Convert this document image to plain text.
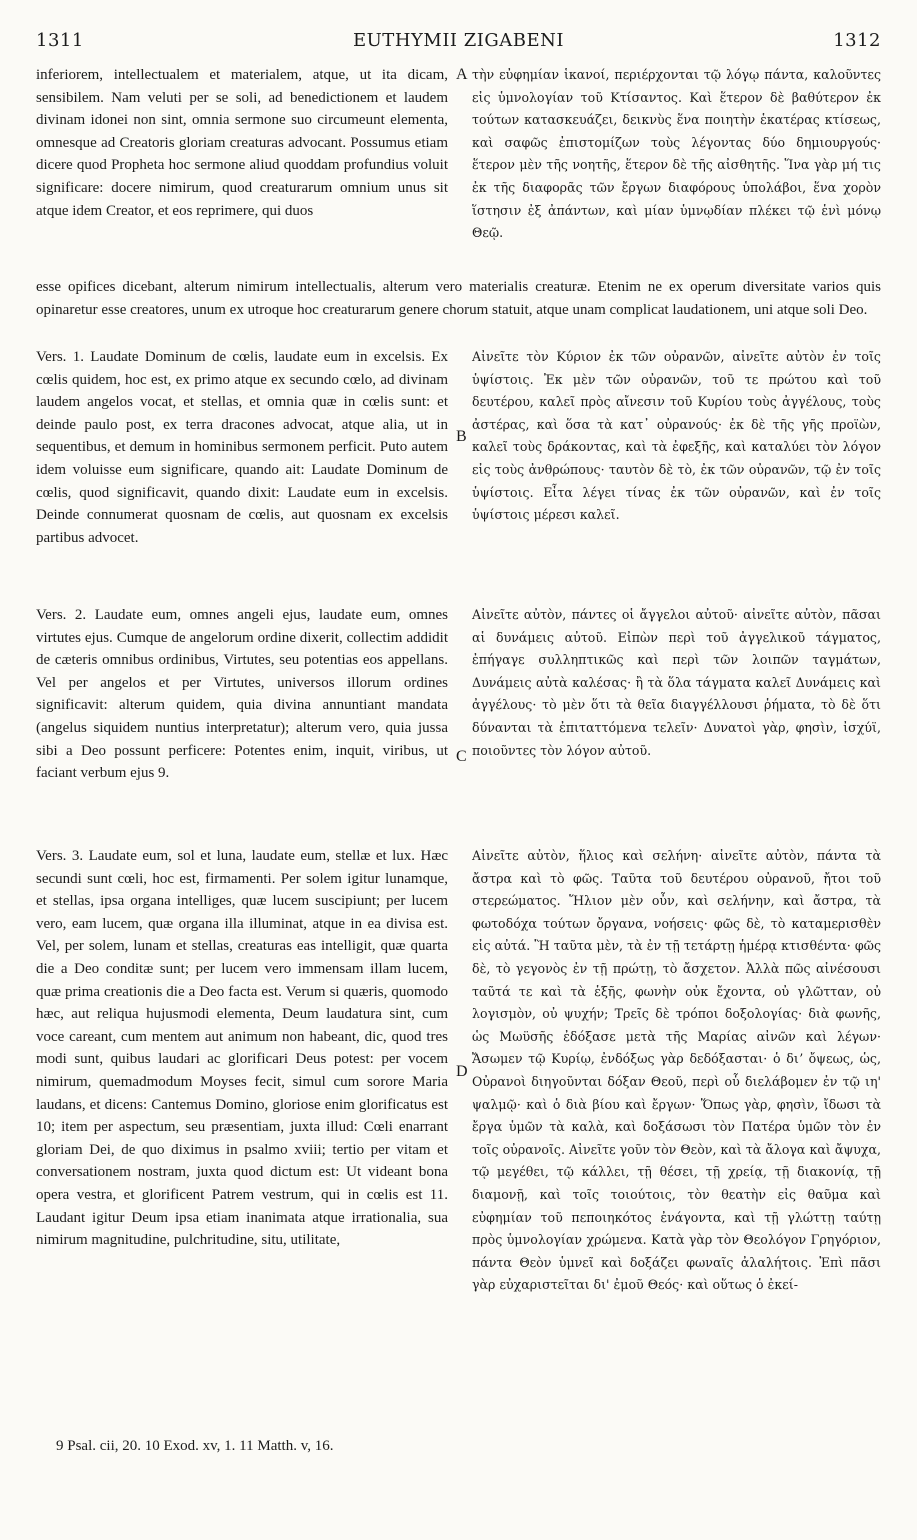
1311	EUTHYMII ZIGABENI	1312
A
B
C
D

inferiorem, intellectualem et materialem, atque, ut ita dicam, sensibilem. Nam veluti per se soli, ad benedictionem et laudem divinam idonei non sint, omnia sermone suo circumeunt elementa, omnesque ad Creatoris gloriam creaturas advocant. Possumus etiam dicere quod Propheta hoc sermone aliud quoddam profundius voluit significare: docere nimirum, quod creaturarum omnium unus sit atque idem Creator, et eos reprimere, qui duos

τὴν εὐφημίαν ἱκανοί, περιέρχονται τῷ λόγῳ πάντα, καλοῦντες εἰς ὑμνολογίαν τοῦ Κτίσαντος. Καὶ ἕτερον δὲ βαθύτερον ἐκ τούτων κατασκευάζει, δεικνὺς ἕνα ποιητὴν ἑκατέρας κτίσεως, καὶ σαφῶς ἐπιστομίζων τοὺς λέγοντας δύο δημιουργούς· ἕτερον μὲν τῆς νοητῆς, ἕτερον δὲ τῆς αἰσθητῆς. Ἵνα γὰρ μή τις ἐκ τῆς διαφορᾶς τῶν ἔργων διαφόρους ὑπολάβοι, ἕνα χορὸν ἵστησιν ἐξ ἀπάντων, καὶ μίαν ὑμνῳδίαν πλέκει τῷ ἑνὶ μόνῳ Θεῷ.

esse opifices dicebant, alterum nimirum intellectualis, alterum vero materialis creaturæ. Etenim ne ex operum diversitate varios quis opinaretur esse creatores, unum ex utroque hoc creaturarum genere chorum statuit, atque unam complicat laudationem, uni atque soli Deo.

Vers. 1. Laudate Dominum de cœlis, laudate eum in excelsis. Ex cœlis quidem, hoc est, ex primo atque ex secundo cœlo, ad divinam laudem angelos vocat, et stellas, et omnia quæ in cœlis sunt: et deinde paulo post, ex terra dracones advocat, atque alia, ut in sequentibus, et demum in hominibus sermonem perficit. Puto autem idem voluisse eum significare, quando ait: Laudate Dominum de cœlis, quod significavit, quando dixit: Laudate eum in excelsis. Deinde connumerat quosnam de cœlis, aut quosnam ex excelsis partibus advocet.

Αἰνεῖτε τὸν Κύριον ἐκ τῶν οὐρανῶν, αἰνεῖτε αὐτὸν ἐν τοῖς ὑψίστοις. Ἐκ μὲν τῶν οὐρανῶν, τοῦ τε πρώτου καὶ τοῦ δευτέρου, καλεῖ πρὸς αἴνεσιν τοῦ Κυρίου τοὺς ἀγγέλους, τοὺς ἀστέρας, καὶ ὅσα τὰ κατ᾽ οὐρανούς· ἐκ δὲ τῆς γῆς προϊὼν, καλεῖ τοὺς δράκοντας, καὶ τὰ ἐφεξῆς, καὶ καταλύει τὸν λόγον εἰς τοὺς ἀνθρώπους· ταυτὸν δὲ τὸ, ἐκ τῶν οὐρανῶν, τῷ ἐν τοῖς ὑψίστοις. Εἶτα λέγει τίνας ἐκ τῶν οὐρανῶν, καὶ ἐν τοῖς ὑψίστοις μέρεσι καλεῖ.

Vers. 2. Laudate eum, omnes angeli ejus, laudate eum, omnes virtutes ejus. Cumque de angelorum ordine dixerit, collectim addidit de cæteris omnibus ordinibus, Virtutes, seu potentias eos appellans. Vel per angelos et per Virtutes, universos illorum ordines significavit: alterum quidem, quia divina annuntiant mandata (angelus siquidem nuntius interpretatur); alterum vero, quia jussa sibi a Deo possunt perficere: Potentes enim, inquit, viribus, ut faciant verbum ejus 9.

Αἰνεῖτε αὐτὸν, πάντες οἱ ἄγγελοι αὐτοῦ· αἰνεῖτε αὐτὸν, πᾶσαι αἱ δυνάμεις αὐτοῦ. Εἰπὼν περὶ τοῦ ἀγγελικοῦ τάγματος, ἐπήγαγε συλληπτικῶς καὶ περὶ τῶν λοιπῶν ταγμάτων, Δυνάμεις αὐτὰ καλέσας· ἢ τὰ ὅλα τάγματα καλεῖ Δυνάμεις καὶ ἀγγέλους· τὸ μὲν ὅτι τὰ θεῖα διαγγέλλουσι ῥήματα, τὸ δὲ ὅτι δύνανται τὰ ἐπιταττόμενα τελεῖν· Δυνατοὶ γὰρ, φησὶν, ἰσχύϊ, ποιοῦντες τὸν λόγον αὐτοῦ.

Vers. 3. Laudate eum, sol et luna, laudate eum, stellæ et lux. Hæc secundi sunt cœli, hoc est, firmamenti. Per solem igitur lunamque, et stellas, ipsa organa intelliges, quæ lucem suscipiunt; per lucem vero, eam lucem, quæ organa illa illuminat, atque in ea divisa est. Vel, per solem, lunam et stellas, creaturas eas intelligit, quæ quarta die a Deo conditæ sunt; per lucem vero immensam illam lucem, quæ prima creationis die a Deo facta est. Verum si quæris, quomodo hæc, aut reliqua hujusmodi elementa, Deum laudatura sint, cum voce careant, cum mentem aut animum non habeant, dic, quod tres modi sunt, quibus laudari ac glorificari Deus potest: per vocem nimirum, quemadmodum Moyses fecit, simul cum sorore Maria laudans, et dicens: Cantemus Domino, gloriose enim glorificatus est 10; item per aspectum, seu præsentiam, juxta illud: Cœli enarrant gloriam Dei, de quo diximus in psalmo xviii; tertio per vitam et conversationem nostram, juxta quod dictum est: Ut videant bona opera vestra, et glorificent Patrem vestrum, qui in cœlis est 11. Laudant igitur Deum ipsa etiam inanimata atque irrationalia, sua nimirum magnitudine, pulchritudine, situ, utilitate,

Αἰνεῖτε αὐτὸν, ἥλιος καὶ σελήνη· αἰνεῖτε αὐτὸν, πάντα τὰ ἄστρα καὶ τὸ φῶς. Ταῦτα τοῦ δευτέρου οὐρανοῦ, ἤτοι τοῦ στερεώματος. Ἥλιον μὲν οὖν, καὶ σελήνην, καὶ ἄστρα, τὰ φωτοδόχα τούτων ὄργανα, νοήσεις· φῶς δὲ, τὸ καταμερισθὲν εἰς αὐτά. Ἢ ταῦτα μὲν, τὰ ἐν τῇ τετάρτῃ ἡμέρᾳ κτισθέντα· φῶς δὲ, τὸ γεγονὸς ἐν τῇ πρώτῃ, τὸ ἄσχετον. Ἀλλὰ πῶς αἰνέσουσι ταῦτά τε καὶ τὰ ἑξῆς, φωνὴν οὐκ ἔχοντα, οὐ γλῶτταν, οὐ λογισμὸν, οὐ ψυχήν; Τρεῖς δὲ τρόποι δοξολογίας· διὰ φωνῆς, ὡς Μωϋσῆς ἐδόξασε μετὰ τῆς Μαρίας αἰνῶν καὶ λέγων· Ἄσωμεν τῷ Κυρίῳ, ἐνδόξως γὰρ δεδόξασται· ὁ διʼ ὄψεως, ὡς, Οὐρανοὶ διηγοῦνται δόξαν Θεοῦ, περὶ οὗ διελάβομεν ἐν τῷ ιη' ψαλμῷ· καὶ ὁ διὰ βίου καὶ ἔργων· Ὅπως γὰρ, φησὶν, ἴδωσι τὰ ἔργα ὑμῶν τὰ καλὰ, καὶ δοξάσωσι τὸν Πατέρα ὑμῶν τὸν ἐν τοῖς οὐρανοῖς. Αἰνεῖτε γοῦν τὸν Θεὸν, καὶ τὰ ἄλογα καὶ ἄψυχα, τῷ μεγέθει, τῷ κάλλει, τῇ θέσει, τῇ χρείᾳ, τῇ διακονίᾳ, τῇ διαμονῇ, καὶ τοῖς τοιούτοις, τὸν θεατὴν εἰς θαῦμα καὶ εὐφημίαν τοῦ πεποιηκότος ἐνάγοντα, καὶ τῇ γλώττῃ ταύτῃ πρὸς ὑμνολογίαν χρώμενα. Κατὰ γὰρ τὸν Θεολόγον Γρηγόριον, πάντα Θεὸν ὑμνεῖ καὶ δοξάζει φωναῖς ἀλαλήτοις. Ἐπὶ πᾶσι γὰρ εὐχαριστεῖται δι' ἐμοῦ Θεός· καὶ οὕτως ὁ ἐκεί-

9 Psal. cii, 20. 10 Exod. xv, 1. 11 Matth. v, 16.
